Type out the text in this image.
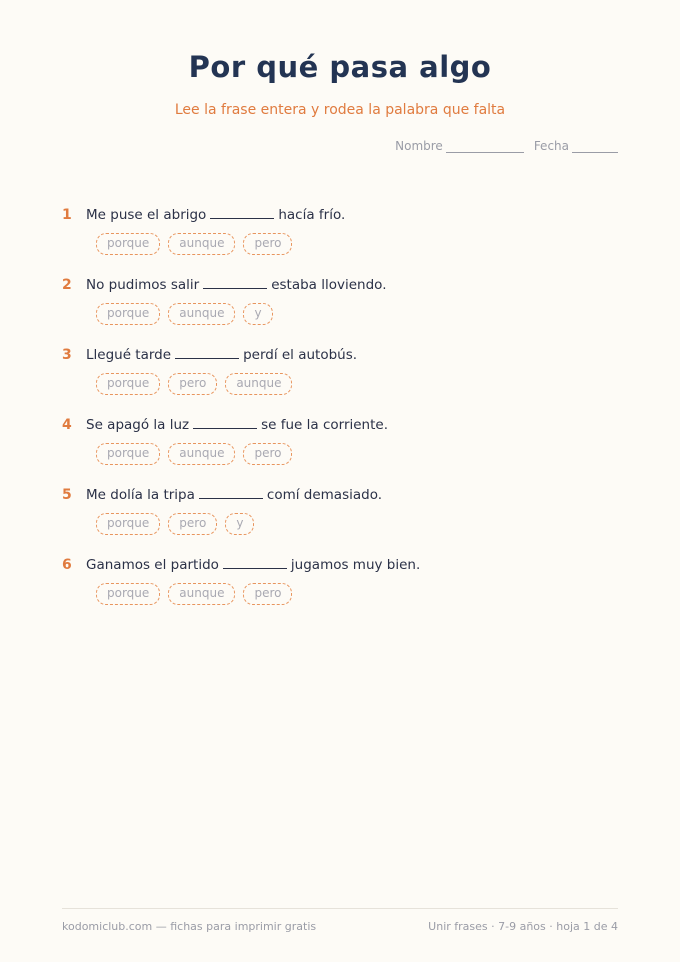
Por qué pasa algo
Lee la frase entera y rodea la palabra que falta
Nombre	Fecha
1	Me puse el abrigo	hacía frío.
porque	aunque	pero
2	No pudimos salir	estaba lloviendo.
porque	aunque	y
3	Llegué tarde	perdí el autobús.
porque	pero	aunque
4	Se apagó la luz	se fue la corriente.
porque	aunque	pero
5	Me dolía la tripa	comí demasiado.
porque	pero	y
6	Ganamos el partido	jugamos muy bien.
porque	aunque	pero
kodomiclub.com — fichas para imprimir gratis	Unir frases · 7-9 años · hoja 1 de 4
